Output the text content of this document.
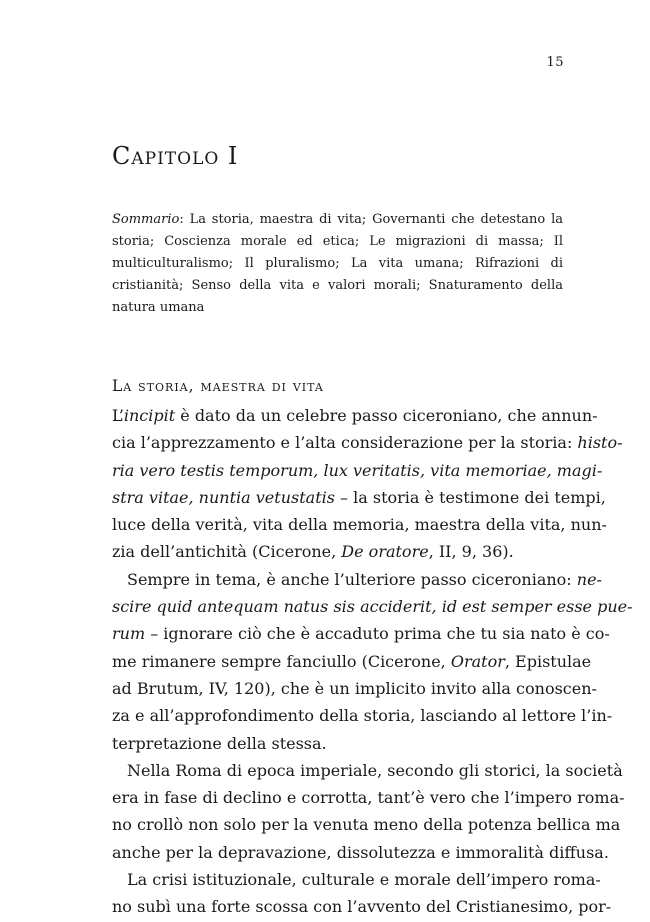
15
Capitolo I
Sommario: La storia, maestra di vita; Governanti che detestano la storia; Coscienza morale ed etica; Le migrazioni di massa; Il multiculturalismo; Il pluralismo; La vita umana; Rifrazioni di cristianità; Senso della vita e valori morali; Snaturamento della natura umana
La storia, maestra di vita
L’incipit è dato da un celebre passo ciceroniano, che annun-
cia l’apprezzamento e l’alta considerazione per la storia: histo-
ria vero testis temporum, lux veritatis, vita memoriae, magi-
stra vitae, nuntia vetustatis – la storia è testimone dei tempi,
luce della verità, vita della memoria, maestra della vita, nun-
zia dell’antichità (Cicerone, De oratore, II, 9, 36).
Sempre in tema, è anche l’ulteriore passo ciceroniano: ne-
scire quid antequam natus sis acciderit, id est semper esse pue-
rum – ignorare ciò che è accaduto prima che tu sia nato è co-
me rimanere sempre fanciullo (Cicerone, Orator, Epistulae
ad Brutum, IV, 120), che è un implicito invito alla conoscen-
za e all’approfondimento della storia, lasciando al lettore l’in-
terpretazione della stessa.
Nella Roma di epoca imperiale, secondo gli storici, la società
era in fase di declino e corrotta, tant’è vero che l’impero roma-
no crollò non solo per la venuta meno della potenza bellica ma
anche per la depravazione, dissolutezza e immoralità diffusa.
La crisi istituzionale, culturale e morale dell’impero roma-
no subì una forte scossa con l’avvento del Cristianesimo, por-
